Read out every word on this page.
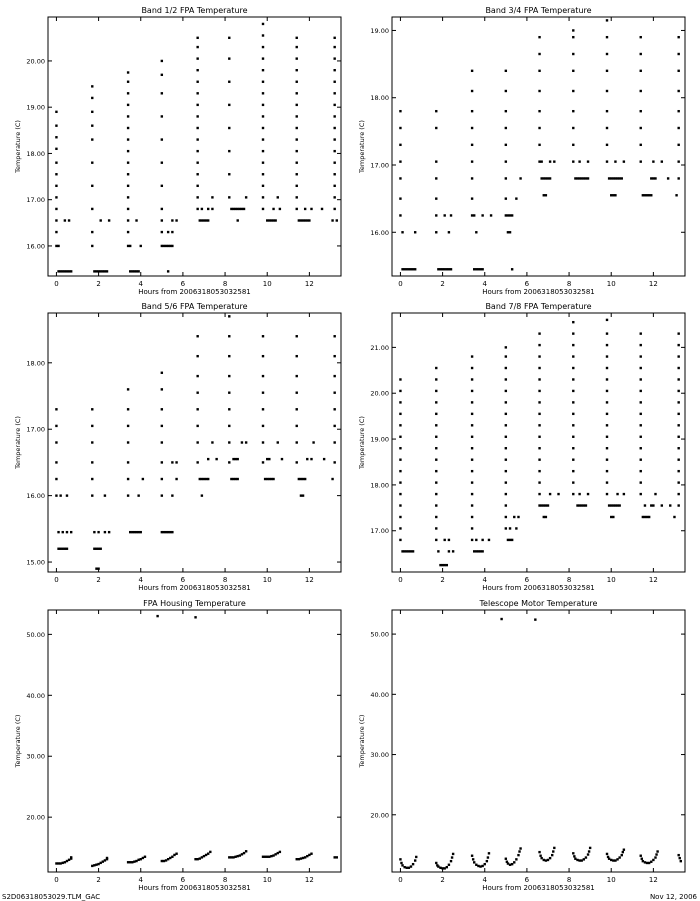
Band 1/2 FPA Temperature
Hours from 2006318053032581
Temperature (C)
0	2	4	6	8	10	12
16.00
17.00
18.00
19.00
20.00
Band 3/4 FPA Temperature
Hours from 2006318053032581
Temperature (C)
0	2	4	6	8	10	12
16.00
17.00
18.00
19.00
Band 5/6 FPA Temperature
Hours from 2006318053032581
Temperature (C)
0	2	4	6	8	10	12
15.00
16.00
17.00
18.00
Band 7/8 FPA Temperature
Hours from 2006318053032581
Temperature (C)
0	2	4	6	8	10	12
17.00
18.00
19.00
20.00
21.00
FPA Housing Temperature
Hours from 2006318053032581
Temperature (C)
0	2	4	6	8	10	12
20.00
30.00
40.00
50.00
Telescope Motor Temperature
Hours from 2006318053032581
Temperature (C)
0	2	4	6	8	10	12
20.00
30.00
40.00
50.00
S2D06318053029.TLM_GAC	Nov 12, 2006
